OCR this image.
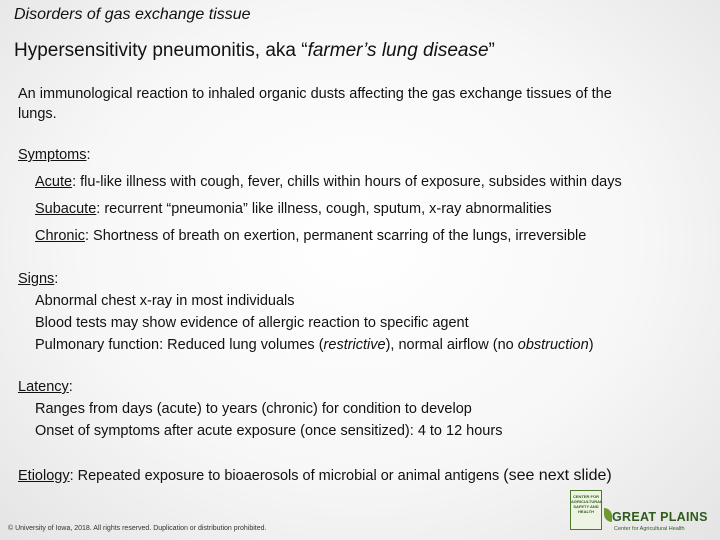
Disorders of gas exchange tissue
Hypersensitivity pneumonitis, aka “farmer’s lung disease”
An immunological reaction to inhaled organic dusts affecting the gas exchange tissues of the lungs.
Symptoms:
Acute: flu-like illness with cough, fever, chills within hours of exposure, subsides within days
Subacute: recurrent “pneumonia” like illness, cough, sputum, x-ray abnormalities
Chronic: Shortness of breath on exertion, permanent scarring of the lungs, irreversible
Signs:
Abnormal chest x-ray in most individuals
Blood tests may show evidence of allergic reaction to specific agent
Pulmonary function: Reduced lung volumes (restrictive), normal airflow (no obstruction)
Latency:
Ranges from days (acute) to years (chronic) for condition to develop
Onset of symptoms after acute exposure (once sensitized): 4 to 12 hours
Etiology: Repeated exposure to bioaerosols of microbial or animal antigens (see next slide)
© University of Iowa, 2018. All rights reserved. Duplication or distribution prohibited.
CENTER FOR AGRICULTURAL SAFETY AND HEALTH	GREAT PLAINS
Center for Agricultural Health
